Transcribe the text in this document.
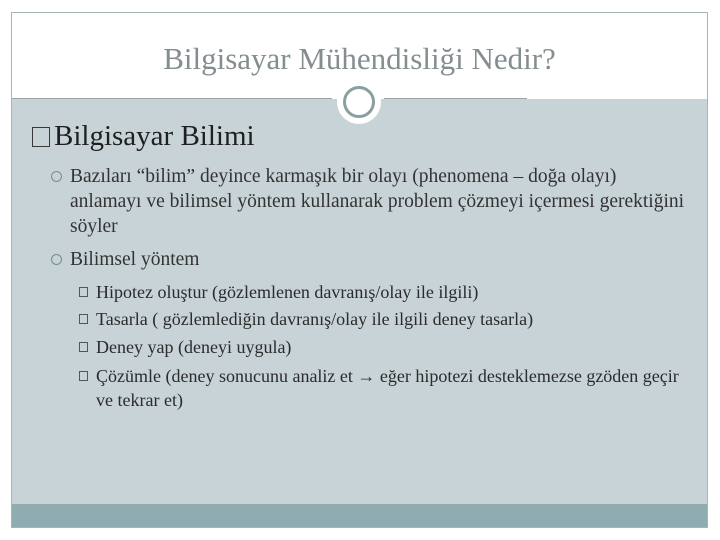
Bilgisayar Mühendisliği Nedir?
Bilgisayar Bilimi
Bazıları “bilim” deyince karmaşık bir olayı (phenomena – doğa olayı) anlamayı ve bilimsel yöntem kullanarak problem çözmeyi içermesi gerektiğini söyler
Bilimsel yöntem
Hipotez oluştur (gözlemlenen davranış/olay ile ilgili)
Tasarla ( gözlemlediğin davranış/olay ile ilgili deney tasarla)
Deney yap (deneyi uygula)
Çözümle (deney sonucunu analiz et → eğer hipotezi desteklemezse gzöden geçir ve tekrar et)
